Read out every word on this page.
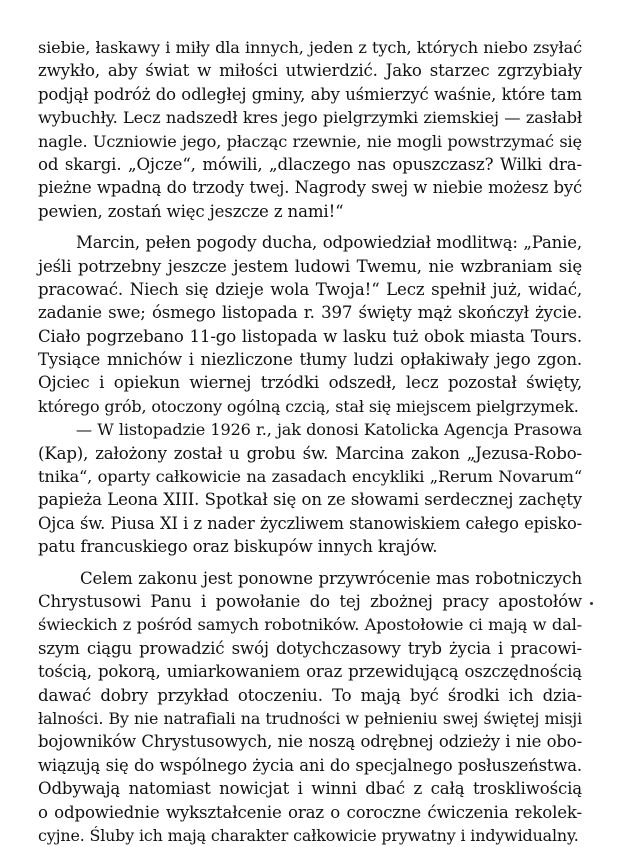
siebie, łaskawy i miły dla innych, jeden z tych, których niebo zsyłać
zwykło, aby świat w miłości utwierdzić. Jako starzec zgrzybiały
podjął podróż do odległej gminy, aby uśmierzyć waśnie, które tam
wybuchły. Lecz nadszedł kres jego pielgrzymki ziemskiej — zasłabł
nagle. Uczniowie jego, płacząc rzewnie, nie mogli powstrzymać się
od skargi. „Ojcze“, mówili, „dlaczego nas opuszczasz? Wilki dra-
pieżne wpadną do trzody twej. Nagrody swej w niebie możesz być
pewien, zostań więc jeszcze z nami!“
Marcin, pełen pogody ducha, odpowiedział modlitwą: „Panie,
jeśli potrzebny jeszcze jestem ludowi Twemu, nie wzbraniam się
pracować. Niech się dzieje wola Twoja!“ Lecz spełnił już, widać,
zadanie swe; ósmego listopada r. 397 święty mąż skończył życie.
Ciało pogrzebano 11-go listopada w lasku tuż obok miasta Tours.
Tysiące mnichów i niezliczone tłumy ludzi opłakiwały jego zgon.
Ojciec i opiekun wiernej trzódki odszedł, lecz pozostał święty,
którego grób, otoczony ogólną czcią, stał się miejscem pielgrzymek.
— W listopadzie 1926 r., jak donosi Katolicka Agencja Prasowa
(Kap), założony został u grobu św. Marcina zakon „Jezusa-Robo-
tnika“, oparty całkowicie na zasadach encykliki „Rerum Novarum“
papieża Leona XIII. Spotkał się on ze słowami serdecznej zachęty
Ojca św. Piusa XI i z nader życzliwem stanowiskiem całego episko-
patu francuskiego oraz biskupów innych krajów.
Celem zakonu jest ponowne przywrócenie mas robotniczych
Chrystusowi Panu i powołanie do tej zbożnej pracy apostołów
świeckich z pośród samych robotników. Apostołowie ci mają w dal-
szym ciągu prowadzić swój dotychczasowy tryb życia i pracowi-
tością, pokorą, umiarkowaniem oraz przewidującą oszczędnością
dawać dobry przykład otoczeniu. To mają być środki ich dzia-
łalności. By nie natrafiali na trudności w pełnieniu swej świętej misji
bojowników Chrystusowych, nie noszą odrębnej odzieży i nie obo-
wiązują się do wspólnego życia ani do specjalnego posłuszeństwa.
Odbywają natomiast nowicjat i winni dbać z całą troskliwością
o odpowiednie wykształcenie oraz o coroczne ćwiczenia rekolek-
cyjne. Śluby ich mają charakter całkowicie prywatny i indywidualny.
